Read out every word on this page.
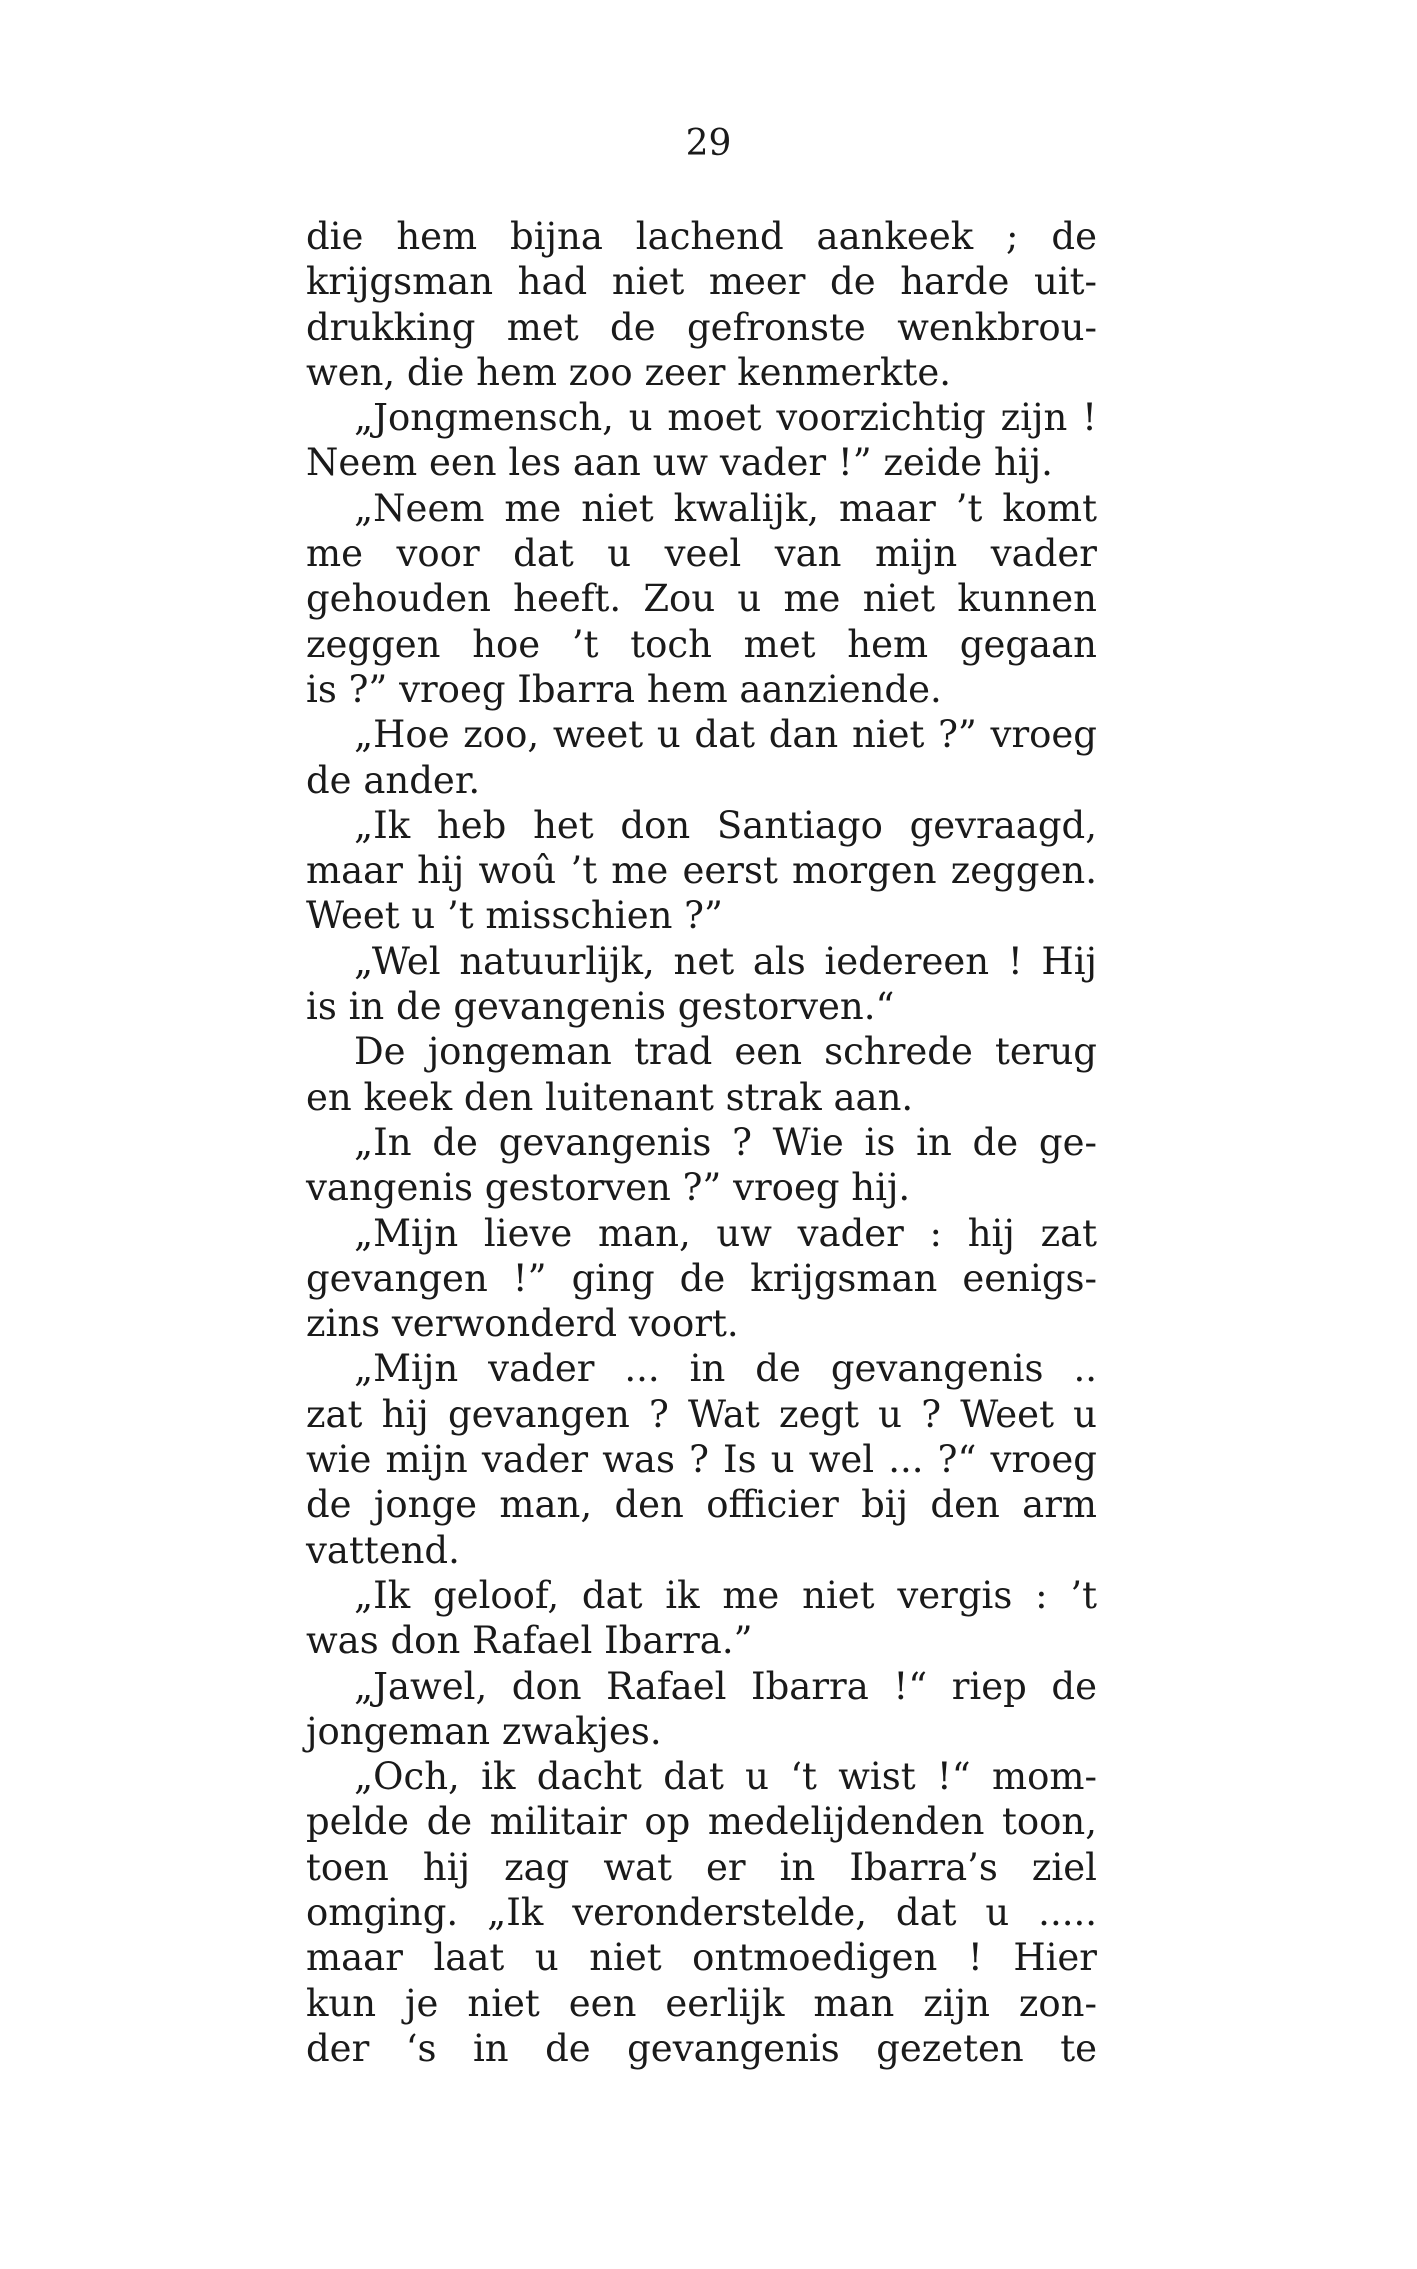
29
die hem bijna lachend aankeek ; de
krijgsman had niet meer de harde uit-
drukking met de gefronste wenkbrou-
wen, die hem zoo zeer kenmerkte.
„Jongmensch, u moet voorzichtig zijn !
Neem een les aan uw vader !” zeide hij.
„Neem me niet kwalijk, maar ’t komt
me voor dat u veel van mijn vader
gehouden heeft. Zou u me niet kunnen
zeggen hoe ’t toch met hem gegaan
is ?” vroeg Ibarra hem aanziende.
„Hoe zoo, weet u dat dan niet ?” vroeg
de ander.
„Ik heb het don Santiago gevraagd,
maar hij woû ’t me eerst morgen zeggen.
Weet u ’t misschien ?”
„Wel natuurlijk, net als iedereen ! Hij
is in de gevangenis gestorven.“
De jongeman trad een schrede terug
en keek den luitenant strak aan.
„In de gevangenis ? Wie is in de ge-
vangenis gestorven ?” vroeg hij.
„Mijn lieve man, uw vader : hij zat
gevangen !” ging de krijgsman eenigs-
zins verwonderd voort.
„Mijn vader ... in de gevangenis ..
zat hij gevangen ? Wat zegt u ? Weet u
wie mijn vader was ? Is u wel ... ?“ vroeg
de jonge man, den officier bij den arm
vattend.
„Ik geloof, dat ik me niet vergis : ’t
was don Rafael Ibarra.”
„Jawel, don Rafael Ibarra !“ riep de
jongeman zwakjes.
„Och, ik dacht dat u ‘t wist !“ mom-
pelde de militair op medelijdenden toon,
toen hij zag wat er in Ibarra’s ziel
omging. „Ik veronderstelde, dat u .....
maar laat u niet ontmoedigen ! Hier
kun je niet een eerlijk man zijn zon-
der ‘s in de gevangenis gezeten te
